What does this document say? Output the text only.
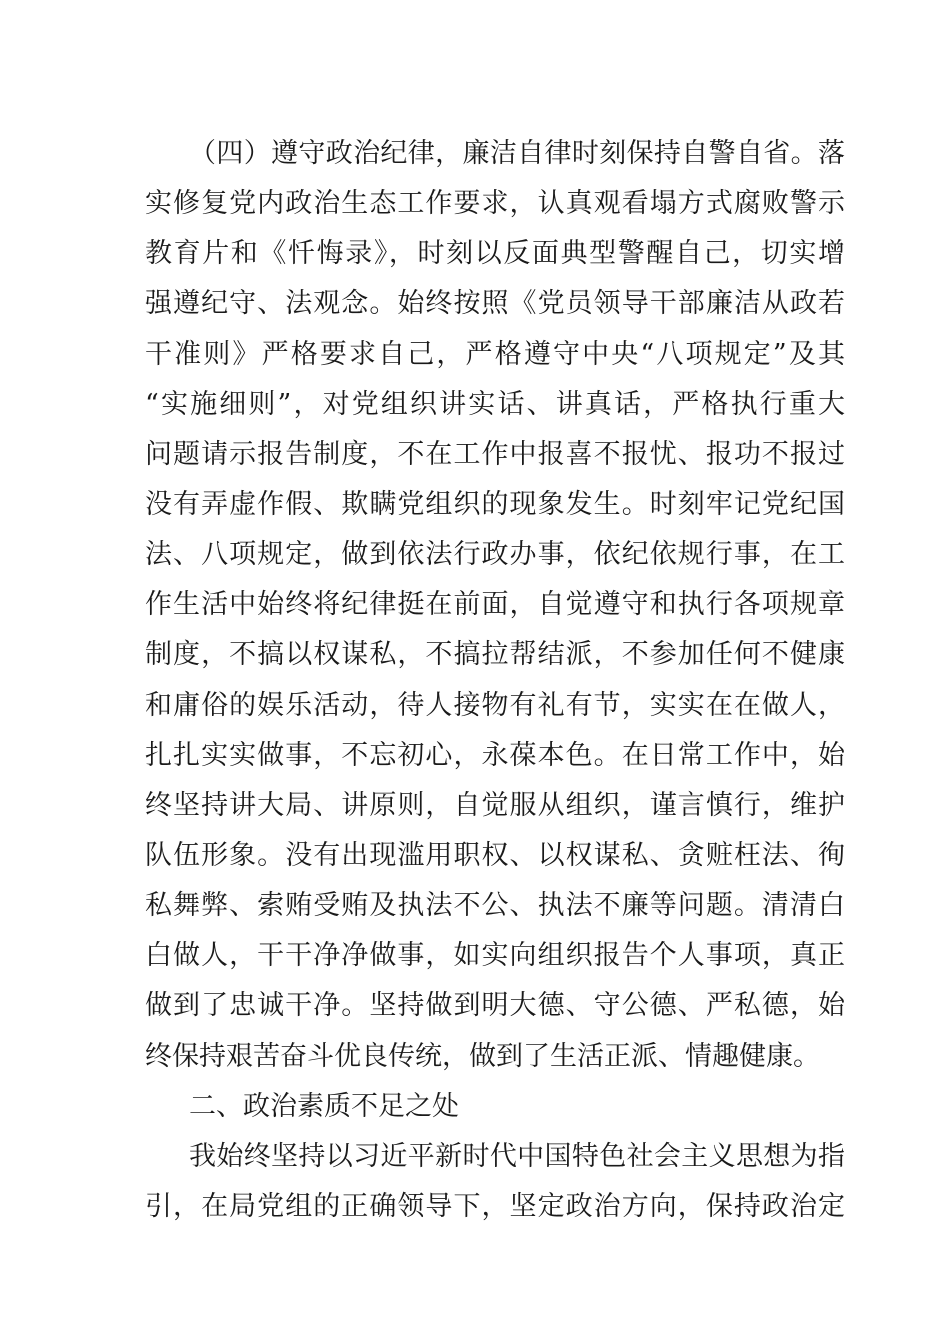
（四）遵守政治纪律，廉洁自律时刻保持自警自省。落
实修复党内政治生态工作要求，认真观看塌方式腐败警示
教育片和《忏悔录》，时刻以反面典型警醒自己，切实增
强遵纪守、法观念。始终按照《党员领导干部廉洁从政若
干准则》严格要求自己，严格遵守中央“八项规定”及其
“实施细则”，对党组织讲实话、讲真话，严格执行重大
问题请示报告制度，不在工作中报喜不报忧、报功不报过
没有弄虚作假、欺瞒党组织的现象发生。时刻牢记党纪国
法、八项规定，做到依法行政办事，依纪依规行事，在工
作生活中始终将纪律挺在前面，自觉遵守和执行各项规章
制度，不搞以权谋私，不搞拉帮结派，不参加任何不健康
和庸俗的娱乐活动，待人接物有礼有节，实实在在做人，
扎扎实实做事，不忘初心，永葆本色。在日常工作中，始
终坚持讲大局、讲原则，自觉服从组织，谨言慎行，维护
队伍形象。没有出现滥用职权、以权谋私、贪赃枉法、徇
私舞弊、索贿受贿及执法不公、执法不廉等问题。清清白
白做人，干干净净做事，如实向组织报告个人事项，真正
做到了忠诚干净。坚持做到明大德、守公德、严私德，始
终保持艰苦奋斗优良传统，做到了生活正派、情趣健康。
二、政治素质不足之处
我始终坚持以习近平新时代中国特色社会主义思想为指
引，在局党组的正确领导下，坚定政治方向，保持政治定
